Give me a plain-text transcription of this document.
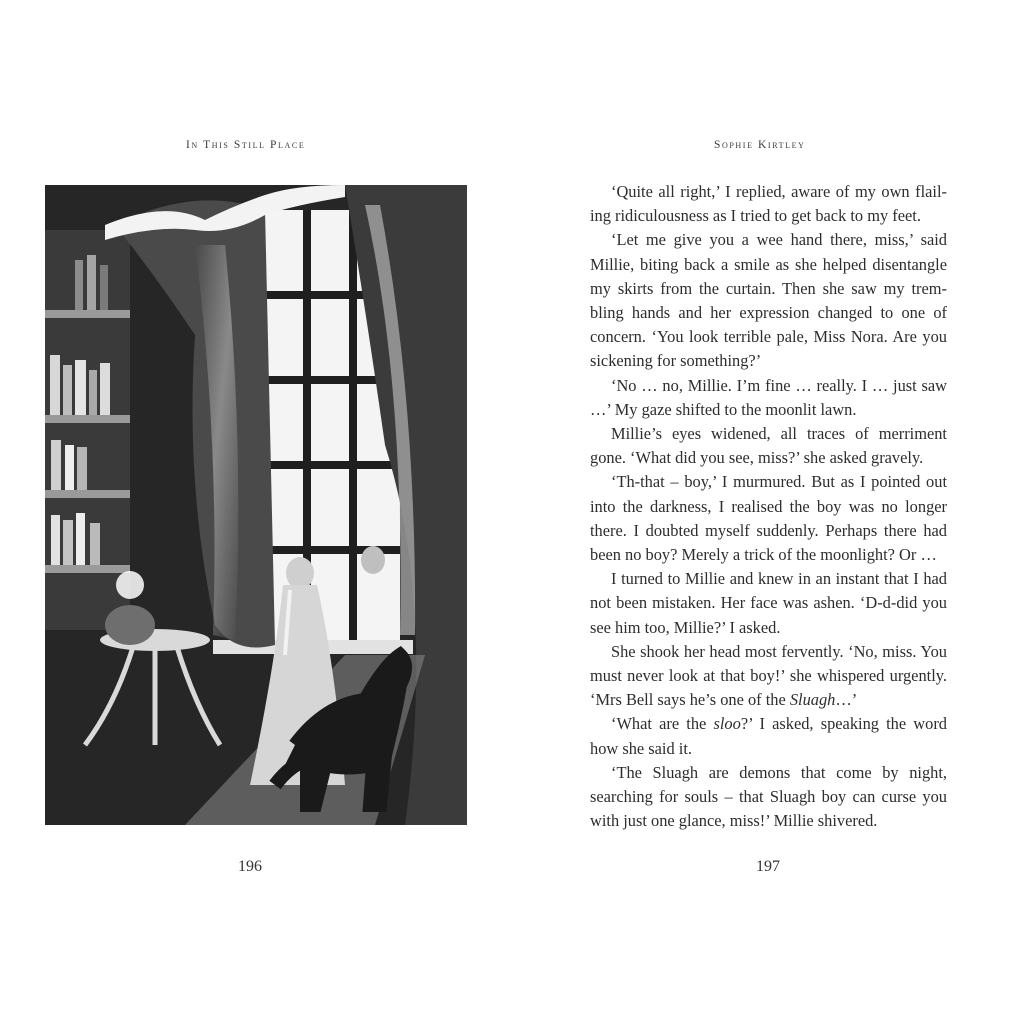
In This Still Place	Sophie Kirtley

‘Quite all right,’ I replied, aware of my own flailing ridiculousness as I tried to get back to my feet.

‘Let me give you a wee hand there, miss,’ said Millie, biting back a smile as she helped disentangle my skirts from the curtain. Then she saw my trembling hands and her expression changed to one of concern. ‘You look terrible pale, Miss Nora. Are you sickening for something?’

‘No … no, Millie. I’m fine … really. I … just saw …’ My gaze shifted to the moonlit lawn.

Millie’s eyes widened, all traces of merriment gone. ‘What did you see, miss?’ she asked gravely.

‘Th-that – boy,’ I murmured. But as I pointed out into the darkness, I realised the boy was no longer there. I doubted myself suddenly. Perhaps there had been no boy? Merely a trick of the moonlight? Or …

I turned to Millie and knew in an instant that I had not been mistaken. Her face was ashen. ‘D-d-did you see him too, Millie?’ I asked.

She shook her head most fervently. ‘No, miss. You must never look at that boy!’ she whispered urgently. ‘Mrs Bell says he’s one of the Sluagh…’

‘What are the sloo?’ I asked, speaking the word how she said it.

‘The Sluagh are demons that come by night, searching for souls – that Sluagh boy can curse you with just one glance, miss!’ Millie shivered.

196	197
